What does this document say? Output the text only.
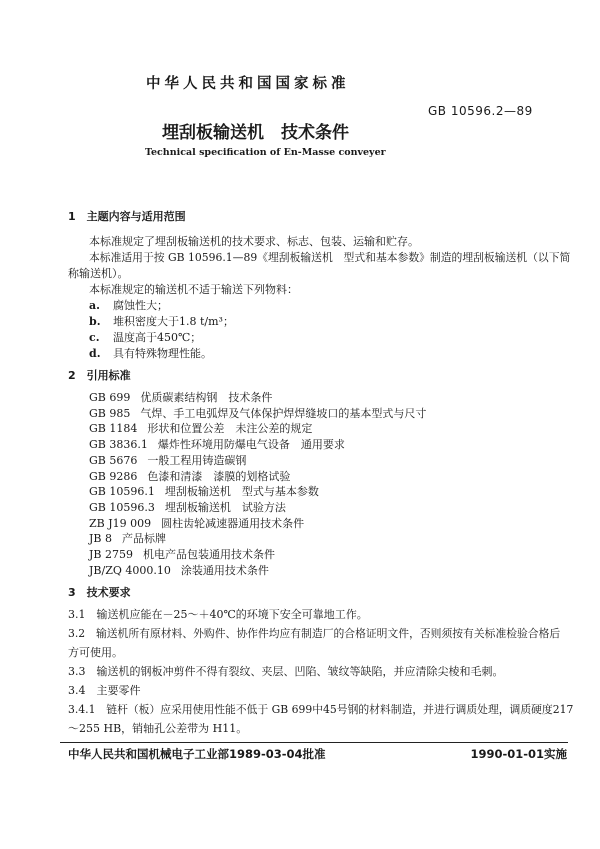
中华人民共和国国家标准
GB 10596.2—89
埋刮板输送机　技术条件
Technical specification of En-Masse conveyer
1　主题内容与适用范围
本标准规定了埋刮板输送机的技术要求、标志、包装、运输和贮存。
本标准适用于按 GB 10596.1—89《埋刮板输送机　型式和基本参数》制造的埋刮板输送机（以下简
称输送机）。
本标准规定的输送机不适于输送下列物料：
a. 腐蚀性大；
b. 堆积密度大于1.8 t/m³；
c. 温度高于450℃；
d. 具有特殊物理性能。
2　引用标准
GB 699 优质碳素结构钢　技术条件
GB 985 气焊、手工电弧焊及气体保护焊焊缝坡口的基本型式与尺寸
GB 1184 形状和位置公差　未注公差的规定
GB 3836.1 爆炸性环境用防爆电气设备　通用要求
GB 5676 一般工程用铸造碳钢
GB 9286 色漆和清漆　漆膜的划格试验
GB 10596.1 埋刮板输送机　型式与基本参数
GB 10596.3 埋刮板输送机　试验方法
ZB J19 009 圆柱齿轮减速器通用技术条件
JB 8 产品标牌
JB 2759 机电产品包装通用技术条件
JB/ZQ 4000.10 涂装通用技术条件
3　技术要求
3.1　输送机应能在－25～＋40℃的环境下安全可靠地工作。
3.2　输送机所有原材料、外购件、协作件均应有制造厂的合格证明文件，否则须按有关标准检验合格后
方可使用。
3.3　输送机的钢板冲剪件不得有裂纹、夹层、凹陷、皱纹等缺陷，并应清除尖棱和毛刺。
3.4　主要零件
3.4.1　链杆（板）应采用使用性能不低于 GB 699中45号钢的材料制造，并进行调质处理，调质硬度217
～255 HB，销轴孔公差带为 H11。
中华人民共和国机械电子工业部1989-03-04批准	1990-01-01实施
